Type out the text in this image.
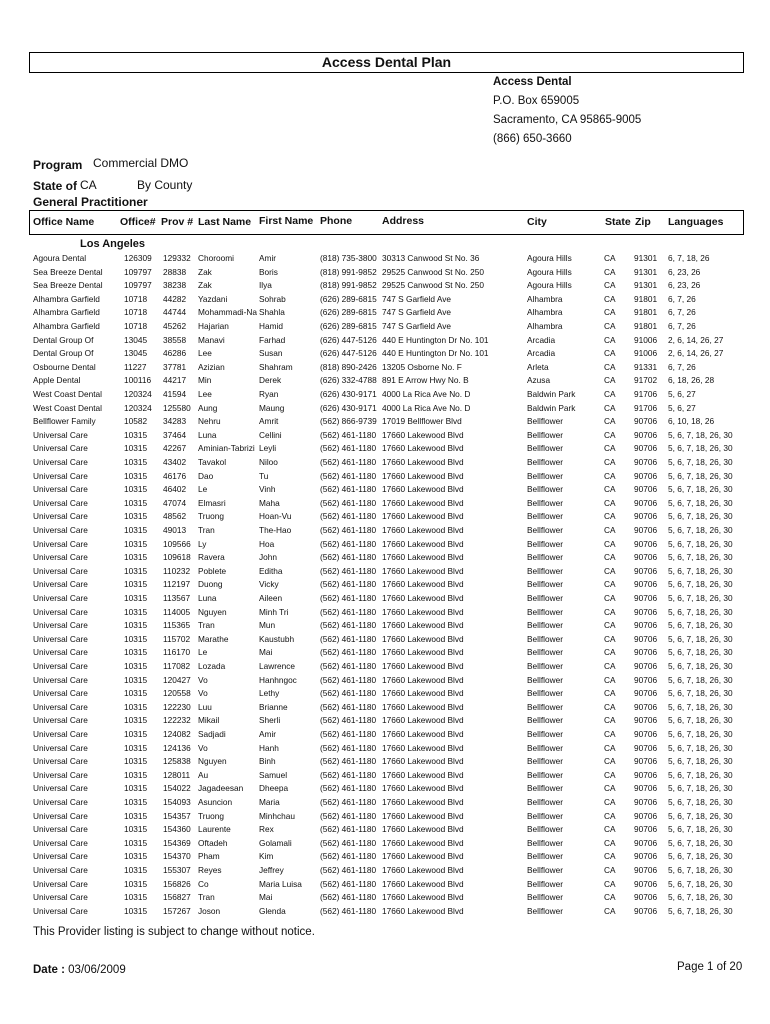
Access Dental Plan
Access Dental
P.O. Box 659005
Sacramento, CA 95865-9005
(866) 650-3660
Program Commercial DMO
State of CA	By County
General Practitioner
Office Name Office# Prov # Last Name First Name Phone	Address	City	State Zip Languages
Los Angeles
Agoura Dental	126309	129332 Choroomi	Amir	(818) 735-3800 30313 Canwood St No. 36	Agoura Hills	CA	91301	6, 7, 18, 26
Sea Breeze Dental	109797	28838	Zak	Boris	(818) 991-9852 29525 Canwood St No. 250	Agoura Hills	CA	91301	6, 23, 26
Sea Breeze Dental	109797	38238	Zak	Ilya	(818) 991-9852 29525 Canwood St No. 250	Agoura Hills	CA	91301	6, 23, 26
Alhambra Garfield	10718	44282	Yazdani	Sohrab	(626) 289-6815 747 S Garfield Ave	Alhambra	CA	91801	6, 7, 26
Alhambra Garfield	10718	44744	Mohammadi-Na Shahla	(626) 289-6815 747 S Garfield Ave	Alhambra	CA	91801	6, 7, 26
Alhambra Garfield	10718	45262	Hajarian	Hamid	(626) 289-6815 747 S Garfield Ave	Alhambra	CA	91801	6, 7, 26
Dental Group Of	13045	38558	Manavi	Farhad	(626) 447-5126 440 E Huntington Dr No. 101	Arcadia	CA	91006	2, 6, 14, 26, 27
Dental Group Of	13045	46286	Lee	Susan	(626) 447-5126 440 E Huntington Dr No. 101	Arcadia	CA	91006	2, 6, 14, 26, 27
Osbourne Dental	11227	37781	Azizian	Shahram	(818) 890-2426 13205 Osborne No. F	Arleta	CA	91331	6, 7, 26
Apple Dental	100116	44217	Min	Derek	(626) 332-4788 891 E Arrow Hwy No. B	Azusa	CA	91702	6, 18, 26, 28
West Coast Dental	120324	41594	Lee	Ryan	(626) 430-9171 4000 La Rica Ave No. D	Baldwin Park	CA	91706	5, 6, 27
West Coast Dental	120324	125580 Aung	Maung	(626) 430-9171 4000 La Rica Ave No. D	Baldwin Park	CA	91706	5, 6, 27
Bellflower Family	10582	34283	Nehru	Amrit	(562) 866-9739 17019 Bellflower Blvd	Bellflower	CA	90706	6, 10, 18, 26
Universal Care	10315	37464	Luna	Cellini	(562) 461-1180 17660 Lakewood Blvd	Bellflower	CA	90706	5, 6, 7, 18, 26, 30
Universal Care	10315	42267	Aminian-Tabrizi Leyli	(562) 461-1180 17660 Lakewood Blvd	Bellflower	CA	90706	5, 6, 7, 18, 26, 30
Universal Care	10315	43402	Tavakol	Niloo	(562) 461-1180 17660 Lakewood Blvd	Bellflower	CA	90706	5, 6, 7, 18, 26, 30
Universal Care	10315	46176	Dao	Tu	(562) 461-1180 17660 Lakewood Blvd	Bellflower	CA	90706	5, 6, 7, 18, 26, 30
Universal Care	10315	46402	Le	Vinh	(562) 461-1180 17660 Lakewood Blvd	Bellflower	CA	90706	5, 6, 7, 18, 26, 30
Universal Care	10315	47074	Elmasri	Maha	(562) 461-1180 17660 Lakewood Blvd	Bellflower	CA	90706	5, 6, 7, 18, 26, 30
Universal Care	10315	48562	Truong	Hoan-Vu	(562) 461-1180 17660 Lakewood Blvd	Bellflower	CA	90706	5, 6, 7, 18, 26, 30
Universal Care	10315	49013	Tran	The-Hao	(562) 461-1180 17660 Lakewood Blvd	Bellflower	CA	90706	5, 6, 7, 18, 26, 30
Universal Care	10315	109566 Ly	Hoa	(562) 461-1180 17660 Lakewood Blvd	Bellflower	CA	90706	5, 6, 7, 18, 26, 30
Universal Care	10315	109618 Ravera	John	(562) 461-1180 17660 Lakewood Blvd	Bellflower	CA	90706	5, 6, 7, 18, 26, 30
Universal Care	10315	110232 Poblete	Editha	(562) 461-1180 17660 Lakewood Blvd	Bellflower	CA	90706	5, 6, 7, 18, 26, 30
Universal Care	10315	112197 Duong	Vicky	(562) 461-1180 17660 Lakewood Blvd	Bellflower	CA	90706	5, 6, 7, 18, 26, 30
Universal Care	10315	113567 Luna	Aileen	(562) 461-1180 17660 Lakewood Blvd	Bellflower	CA	90706	5, 6, 7, 18, 26, 30
Universal Care	10315	114005 Nguyen	Minh Tri	(562) 461-1180 17660 Lakewood Blvd	Bellflower	CA	90706	5, 6, 7, 18, 26, 30
Universal Care	10315	115365 Tran	Mun	(562) 461-1180 17660 Lakewood Blvd	Bellflower	CA	90706	5, 6, 7, 18, 26, 30
Universal Care	10315	115702 Marathe	Kaustubh	(562) 461-1180 17660 Lakewood Blvd	Bellflower	CA	90706	5, 6, 7, 18, 26, 30
Universal Care	10315	116170 Le	Mai	(562) 461-1180 17660 Lakewood Blvd	Bellflower	CA	90706	5, 6, 7, 18, 26, 30
Universal Care	10315	117082 Lozada	Lawrence	(562) 461-1180 17660 Lakewood Blvd	Bellflower	CA	90706	5, 6, 7, 18, 26, 30
Universal Care	10315	120427 Vo	Hanhngoc	(562) 461-1180 17660 Lakewood Blvd	Bellflower	CA	90706	5, 6, 7, 18, 26, 30
Universal Care	10315	120558 Vo	Lethy	(562) 461-1180 17660 Lakewood Blvd	Bellflower	CA	90706	5, 6, 7, 18, 26, 30
Universal Care	10315	122230 Luu	Brianne	(562) 461-1180 17660 Lakewood Blvd	Bellflower	CA	90706	5, 6, 7, 18, 26, 30
Universal Care	10315	122232 Mikail	Sherli	(562) 461-1180 17660 Lakewood Blvd	Bellflower	CA	90706	5, 6, 7, 18, 26, 30
Universal Care	10315	124082 Sadjadi	Amir	(562) 461-1180 17660 Lakewood Blvd	Bellflower	CA	90706	5, 6, 7, 18, 26, 30
Universal Care	10315	124136 Vo	Hanh	(562) 461-1180 17660 Lakewood Blvd	Bellflower	CA	90706	5, 6, 7, 18, 26, 30
Universal Care	10315	125838 Nguyen	Binh	(562) 461-1180 17660 Lakewood Blvd	Bellflower	CA	90706	5, 6, 7, 18, 26, 30
Universal Care	10315	128011 Au	Samuel	(562) 461-1180 17660 Lakewood Blvd	Bellflower	CA	90706	5, 6, 7, 18, 26, 30
Universal Care	10315	154022 Jagadeesan	Dheepa	(562) 461-1180 17660 Lakewood Blvd	Bellflower	CA	90706	5, 6, 7, 18, 26, 30
Universal Care	10315	154093 Asuncion	Maria	(562) 461-1180 17660 Lakewood Blvd	Bellflower	CA	90706	5, 6, 7, 18, 26, 30
Universal Care	10315	154357 Truong	Minhchau	(562) 461-1180 17660 Lakewood Blvd	Bellflower	CA	90706	5, 6, 7, 18, 26, 30
Universal Care	10315	154360 Laurente	Rex	(562) 461-1180 17660 Lakewood Blvd	Bellflower	CA	90706	5, 6, 7, 18, 26, 30
Universal Care	10315	154369 Oftadeh	Golamali	(562) 461-1180 17660 Lakewood Blvd	Bellflower	CA	90706	5, 6, 7, 18, 26, 30
Universal Care	10315	154370 Pham	Kim	(562) 461-1180 17660 Lakewood Blvd	Bellflower	CA	90706	5, 6, 7, 18, 26, 30
Universal Care	10315	155307 Reyes	Jeffrey	(562) 461-1180 17660 Lakewood Blvd	Bellflower	CA	90706	5, 6, 7, 18, 26, 30
Universal Care	10315	156826 Co	Maria Luisa	(562) 461-1180 17660 Lakewood Blvd	Bellflower	CA	90706	5, 6, 7, 18, 26, 30
Universal Care	10315	156827 Tran	Mai	(562) 461-1180 17660 Lakewood Blvd	Bellflower	CA	90706	5, 6, 7, 18, 26, 30
Universal Care	10315	157267 Joson	Glenda	(562) 461-1180 17660 Lakewood Blvd	Bellflower	CA	90706	5, 6, 7, 18, 26, 30
This Provider listing is subject to change without notice.
Date : 03/06/2009	Page 1 of 20
